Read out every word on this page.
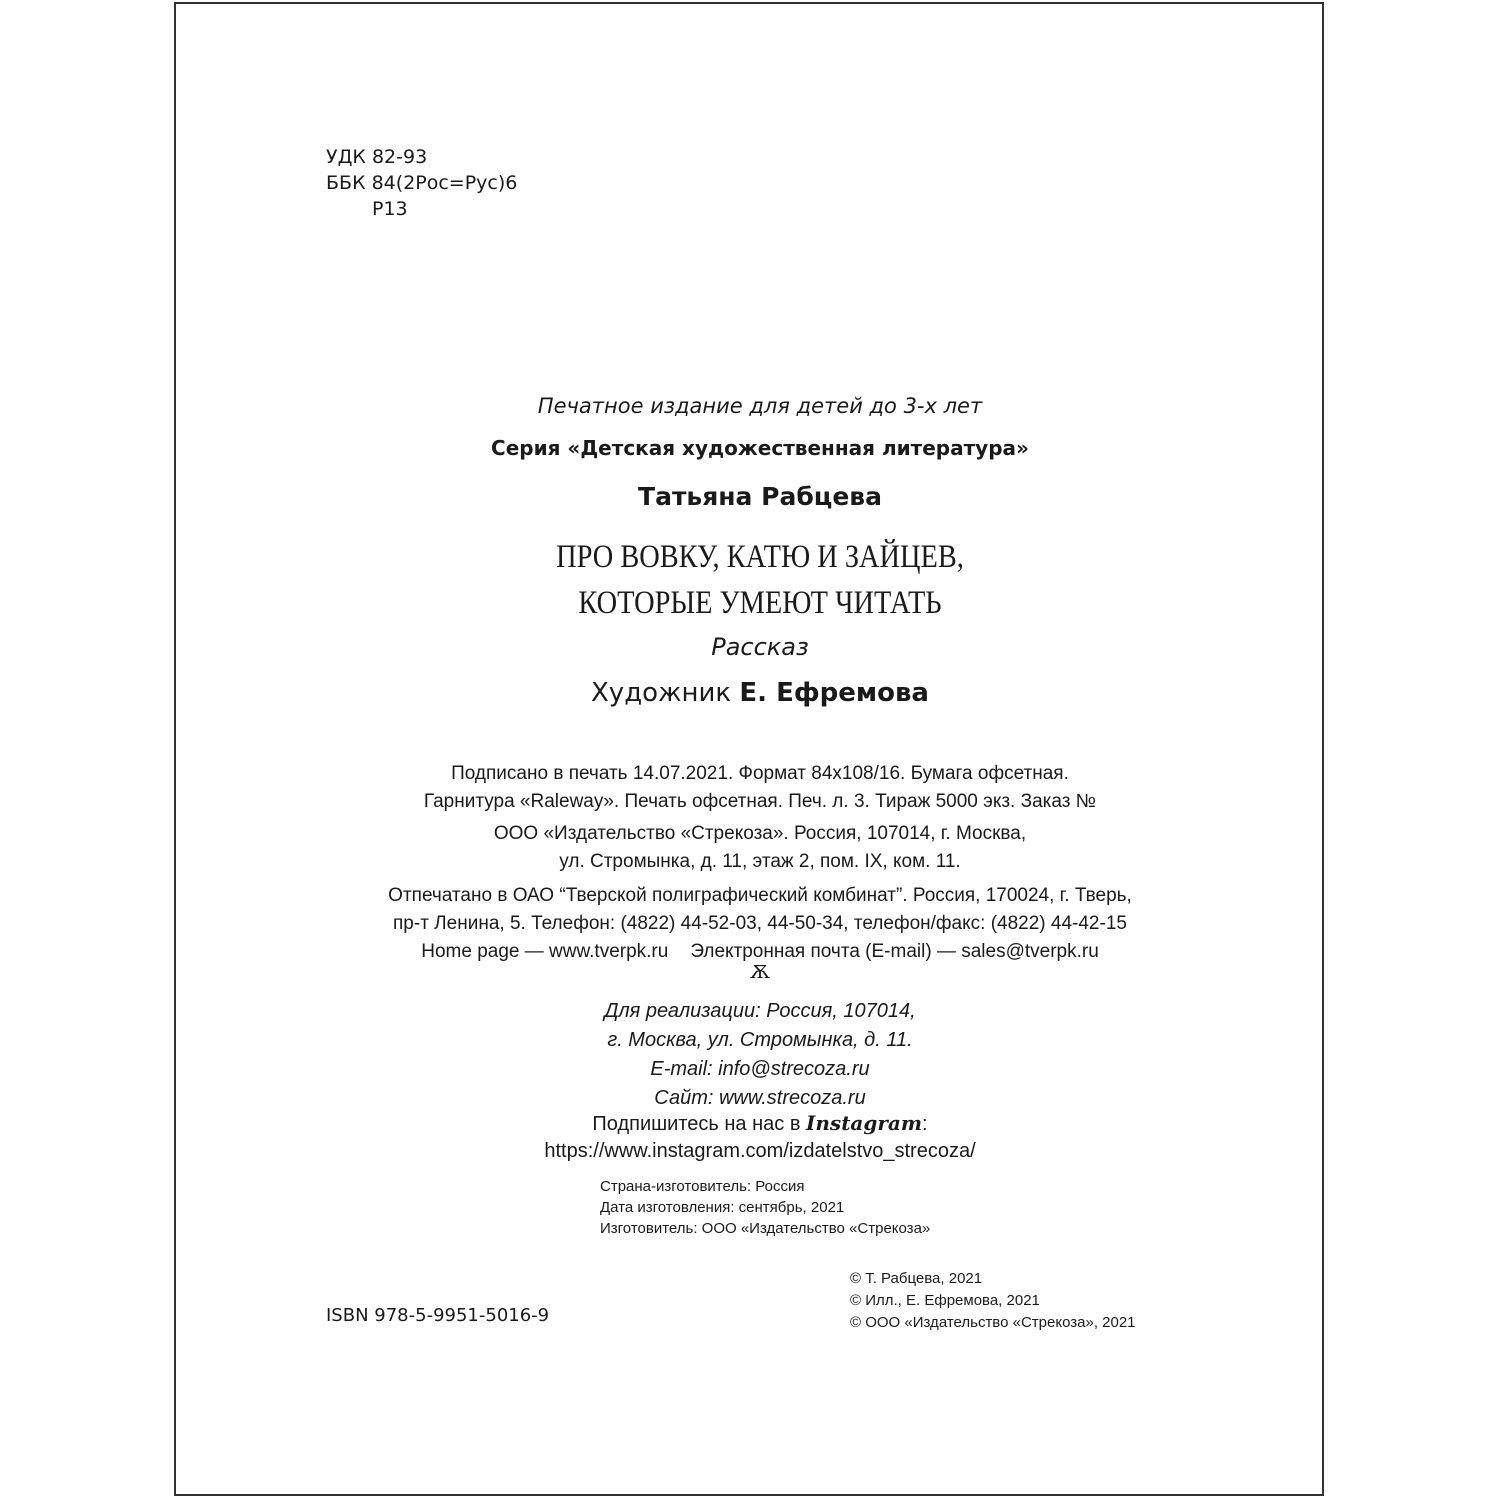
УДК 82-93
ББК 84(2Рос=Рус)6
Р13
Печатное издание для детей до 3-х лет
Серия «Детская художественная литература»
Татьяна Рабцева
ПРО ВОВКУ, КАТЮ И ЗАЙЦЕВ,
КОТОРЫЕ УМЕЮТ ЧИТАТЬ
Рассказ
Художник Е. Ефремова
Подписано в печать 14.07.2021. Формат 84x108/16. Бумага офсетная.
Гарнитура «Raleway». Печать офсетная. Печ. л. 3. Тираж 5000 экз. Заказ №
ООО «Издательство «Стрекоза». Россия, 107014, г. Москва,
ул. Стромынка, д. 11, этаж 2, пом. IX, ком. 11.
Отпечатано в ОАО “Тверской полиграфический комбинат”. Россия, 170024, г. Тверь,
пр-т Ленина, 5. Телефон: (4822) 44-52-03, 44-50-34, телефон/факс: (4822) 44-42-15
Home page — www.tverpk.ru Электронная почта (E-mail) — sales@tverpk.ru
Ѫ
Для реализации: Россия, 107014,
г. Москва, ул. Стромынка, д. 11.
E-mail: info@strecoza.ru
Сайт: www.strecoza.ru
Подпишитесь на нас в Instagram:
https://www.instagram.com/izdatelstvo_strecoza/
Страна-изготовитель: Россия
Дата изготовления: сентябрь, 2021
Изготовитель: ООО «Издательство «Стрекоза»
© Т. Рабцева, 2021
© Илл., Е. Ефремова, 2021
© ООО «Издательство «Стрекоза», 2021
ISBN 978-5-9951-5016-9
